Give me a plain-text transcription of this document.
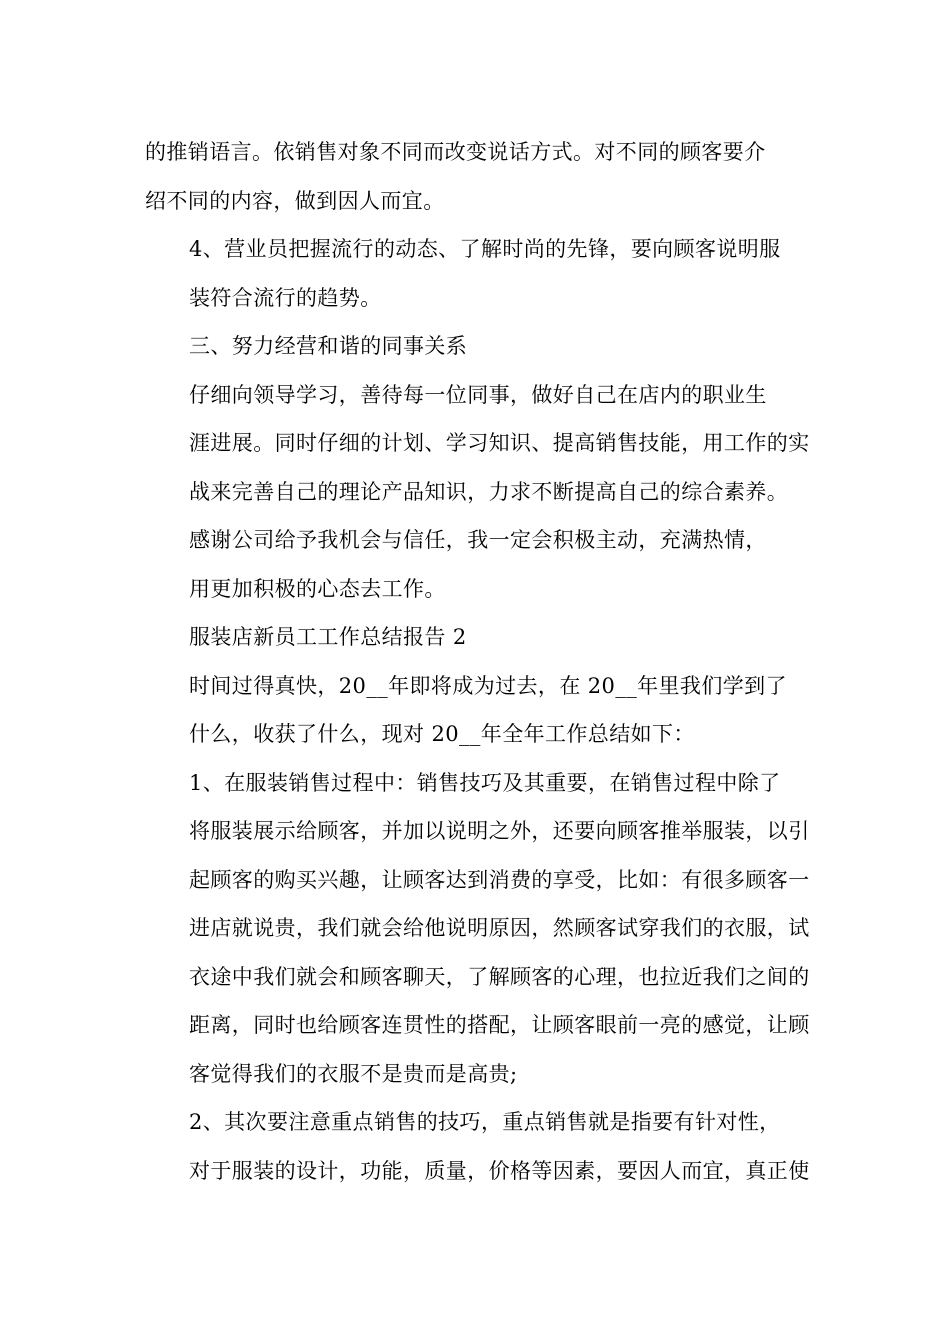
的推销语言。依销售对象不同而改变说话方式。对不同的顾客要介
绍不同的内容，做到因人而宜。

4、营业员把握流行的动态、了解时尚的先锋，要向顾客说明服
装符合流行的趋势。

三、努力经营和谐的同事关系

仔细向领导学习，善待每一位同事，做好自己在店内的职业生
涯进展。同时仔细的计划、学习知识、提高销售技能，用工作的实
战来完善自己的理论产品知识，力求不断提高自己的综合素养。

感谢公司给予我机会与信任，我一定会积极主动，充满热情，
用更加积极的心态去工作。

服装店新员工工作总结报告 2

时间过得真快，20__年即将成为过去，在 20__年里我们学到了
什么，收获了什么，现对 20__年全年工作总结如下：

1、在服装销售过程中：销售技巧及其重要，在销售过程中除了
将服装展示给顾客，并加以说明之外，还要向顾客推举服装，以引
起顾客的购买兴趣，让顾客达到消费的享受，比如：有很多顾客一
进店就说贵，我们就会给他说明原因，然顾客试穿我们的衣服，试
衣途中我们就会和顾客聊天，了解顾客的心理，也拉近我们之间的
距离，同时也给顾客连贯性的搭配，让顾客眼前一亮的感觉，让顾
客觉得我们的衣服不是贵而是高贵;

2、其次要注意重点销售的技巧，重点销售就是指要有针对性，
对于服装的设计，功能，质量，价格等因素，要因人而宜，真正使
